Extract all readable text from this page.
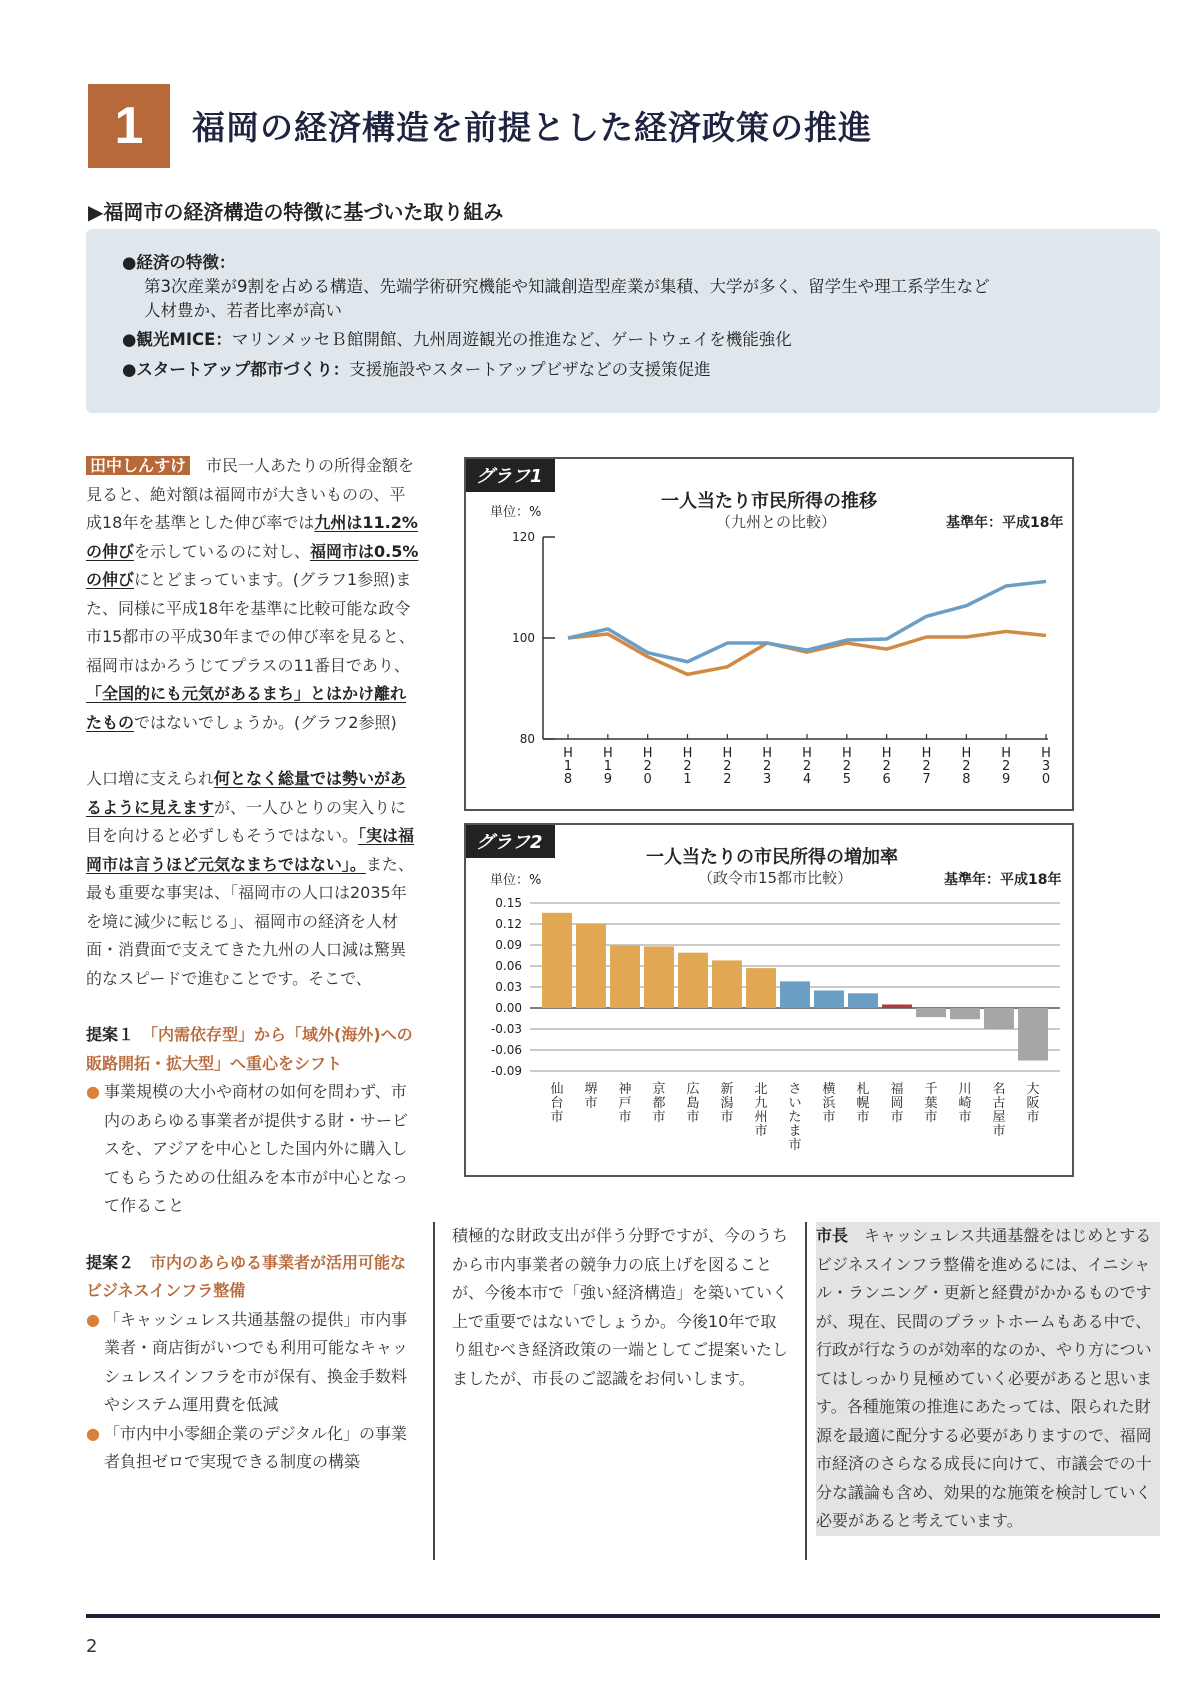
1 福岡の経済構造を前提とした経済政策の推進
▶福岡市の経済構造の特徴に基づいた取り組み
●経済の特徴：
第3次産業が9割を占める構造、先端学術研究機能や知識創造型産業が集積、大学が多く、留学生や理工系学生など
人材豊か、若者比率が高い
●観光MICE：マリンメッセＢ館開館、九州周遊観光の推進など、ゲートウェイを機能強化
●スタートアップ都市づくり：支援施設やスタートアップビザなどの支援策促進
田中しんすけ　市民一人あたりの所得金額を見ると、絶対額は福岡市が大きいものの、平成18年を基準とした伸び率では九州は11.2%の伸びを示しているのに対し、福岡市は0.5%の伸びにとどまっています。(グラフ1参照)また、同様に平成18年を基準に比較可能な政令市15都市の平成30年までの伸び率を見ると、福岡市はかろうじてプラスの11番目であり、「全国的にも元気があるまち」とはかけ離れたものではないでしょうか。(グラフ2参照)
人口増に支えられ何となく総量では勢いがあるように見えますが、一人ひとりの実入りに目を向けると必ずしもそうではない。「実は福岡市は言うほど元気なまちではない」。また、最も重要な事実は、「福岡市の人口は2035年を境に減少に転じる」、福岡市の経済を人材面・消費面で支えてきた九州の人口減は驚異的なスピードで進むことです。そこで、
提案１　 「内需依存型」から「域外(海外)への販路開拓・拡大型」へ重心をシフト
● 事業規模の大小や商材の如何を問わず、市内のあらゆる事業者が提供する財・サービスを、アジアを中心とした国内外に購入してもらうための仕組みを本市が中心となって作ること
提案２　 市内のあらゆる事業者が活用可能なビジネスインフラ整備
● 「キャッシュレス共通基盤の提供」市内事業者・商店街がいつでも利用可能なキャッシュレスインフラを市が保有、換金手数料やシステム運用費を低減
● 「市内中小零細企業のデジタル化」の事業者負担ゼロで実現できる制度の構築
積極的な財政支出が伴う分野ですが、今のうちから市内事業者の競争力の底上げを図ることが、今後本市で「強い経済構造」を築いていく上で重要ではないでしょうか。今後10年で取り組むべき経済政策の一端としてご提案いたしましたが、市長のご認識をお伺いします。
市長　キャッシュレス共通基盤をはじめとするビジネスインフラ整備を進めるには、イニシャル・ランニング・更新と経費がかかるものですが、現在、民間のプラットホームもある中で、行政が行なうのが効率的なのか、やり方についてはしっかり見極めていく必要があると思います。各種施策の推進にあたっては、限られた財源を最適に配分する必要がありますので、福岡市経済のさらなる成長に向けて、市議会での十分な議論も含め、効果的な施策を検討していく必要があると考えています。
グラフ1
一人当たり市民所得の推移
（九州との比較）	基準年：平成18年
単位：%
80
100
120
H 1 8
H 1 9
H 2 0
H 2 1
H 2 2
H 2 3
H 2 4
H 2 5
H 2 6
H 2 7
H 2 8
H 2 9
H 3 0
グラフ2
一人当たりの市民所得の増加率
（政令市15都市比較）	基準年：平成18年
単位：%
0.15
0.12
0.09
0.06
0.03
0.00
-0.03
-0.06
-0.09
仙台市
堺市
神戸市
京都市
広島市
新潟市
北九州市
さいたま市
横浜市
札幌市
福岡市
千葉市
川崎市
名古屋市
大阪市
2
